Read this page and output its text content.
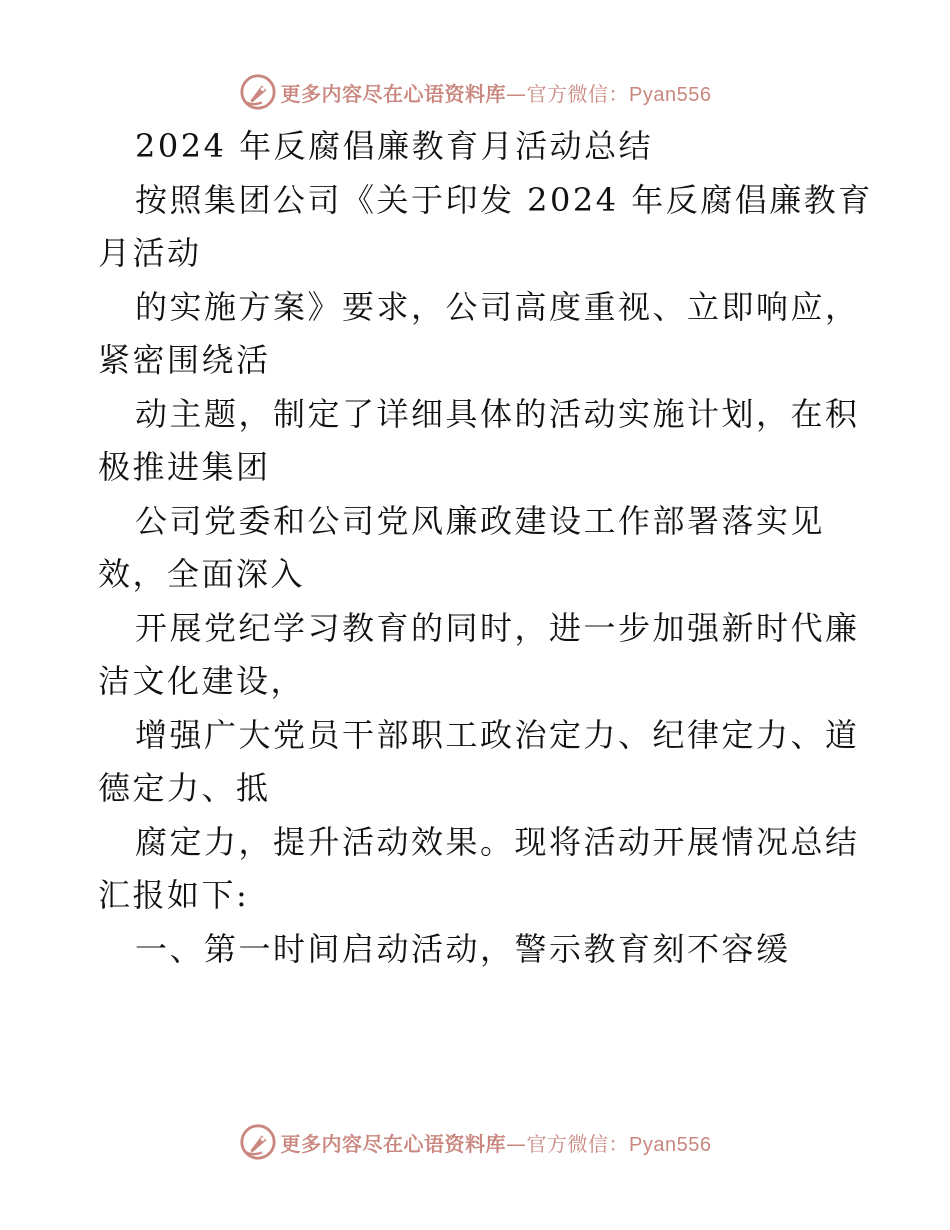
更多内容尽在心语资料库—官方微信：Pyan556
2024 年反腐倡廉教育月活动总结
按照集团公司《关于印发 2024 年反腐倡廉教育
月活动
的实施方案》要求，公司高度重视、立即响应，
紧密围绕活
动主题，制定了详细具体的活动实施计划，在积
极推进集团
公司党委和公司党风廉政建设工作部署落实见
效，全面深入
开展党纪学习教育的同时，进一步加强新时代廉
洁文化建设，
增强广大党员干部职工政治定力、纪律定力、道
德定力、抵
腐定力，提升活动效果。现将活动开展情况总结
汇报如下:
一、第一时间启动活动，警示教育刻不容缓
更多内容尽在心语资料库—官方微信：Pyan556
